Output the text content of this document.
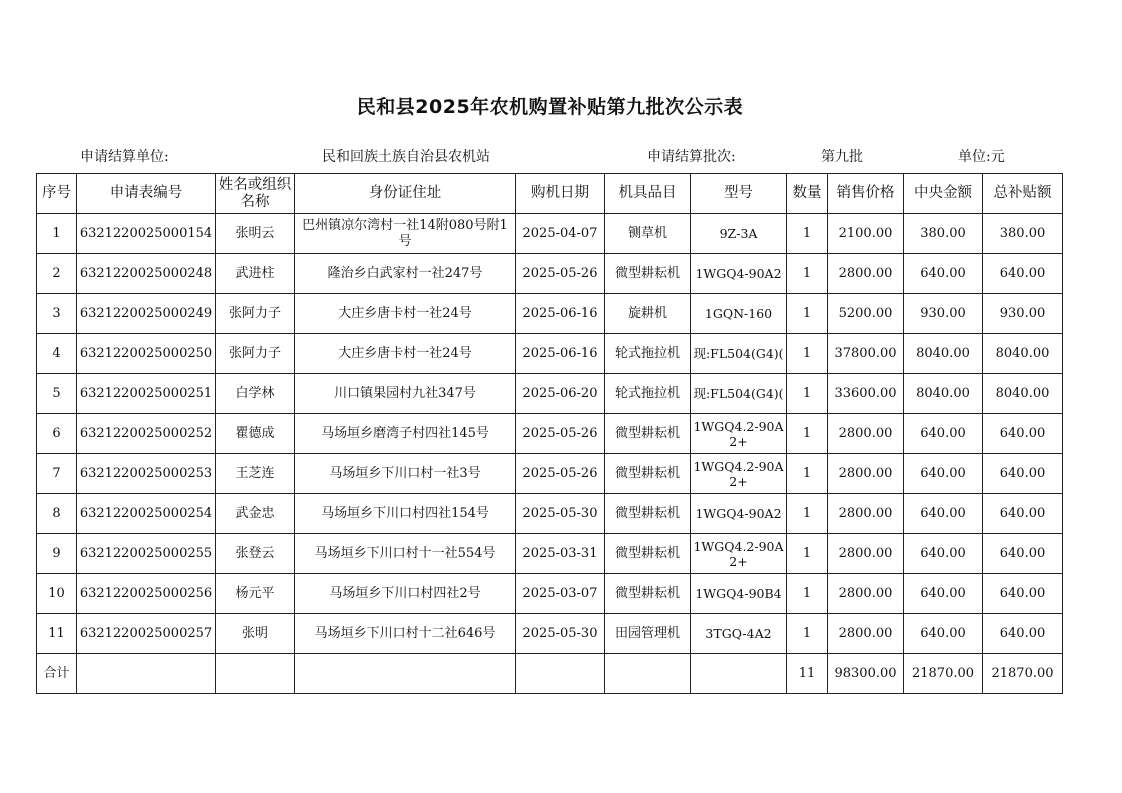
民和县2025年农机购置补贴第九批次公示表
申请结算单位:	民和回族土族自治县农机站	申请结算批次:	第九批	单位:元
序号	申请表编号	姓名或组织名称	身份证住址	购机日期	机具品目	型号	数量	销售价格	中央金额	总补贴额
1	6321220025000154	张明云	巴州镇凉尔湾村一社14附080号附1号	2025-04-07	铡草机	9Z-3A	1	2100.00	380.00	380.00
2	6321220025000248	武进柱	隆治乡白武家村一社247号	2025-05-26	微型耕耘机	1WGQ4-90A2	1	2800.00	640.00	640.00
3	6321220025000249	张阿力子	大庄乡唐卡村一社24号	2025-06-16	旋耕机	1GQN-160	1	5200.00	930.00	930.00
4	6321220025000250	张阿力子	大庄乡唐卡村一社24号	2025-06-16	轮式拖拉机	现:FL504(G4)(	1	37800.00	8040.00	8040.00
5	6321220025000251	白学林	川口镇果园村九社347号	2025-06-20	轮式拖拉机	现:FL504(G4)(	1	33600.00	8040.00	8040.00
6	6321220025000252	瞿德成	马场垣乡磨湾子村四社145号	2025-05-26	微型耕耘机	1WGQ4.2-90A2+	1	2800.00	640.00	640.00
7	6321220025000253	王芝连	马场垣乡下川口村一社3号	2025-05-26	微型耕耘机	1WGQ4.2-90A2+	1	2800.00	640.00	640.00
8	6321220025000254	武金忠	马场垣乡下川口村四社154号	2025-05-30	微型耕耘机	1WGQ4-90A2	1	2800.00	640.00	640.00
9	6321220025000255	张登云	马场垣乡下川口村十一社554号	2025-03-31	微型耕耘机	1WGQ4.2-90A2+	1	2800.00	640.00	640.00
10	6321220025000256	杨元平	马场垣乡下川口村四社2号	2025-03-07	微型耕耘机	1WGQ4-90B4	1	2800.00	640.00	640.00
11	6321220025000257	张明	马场垣乡下川口村十二社646号	2025-05-30	田园管理机	3TGQ-4A2	1	2800.00	640.00	640.00
合计							11	98300.00	21870.00	21870.00
